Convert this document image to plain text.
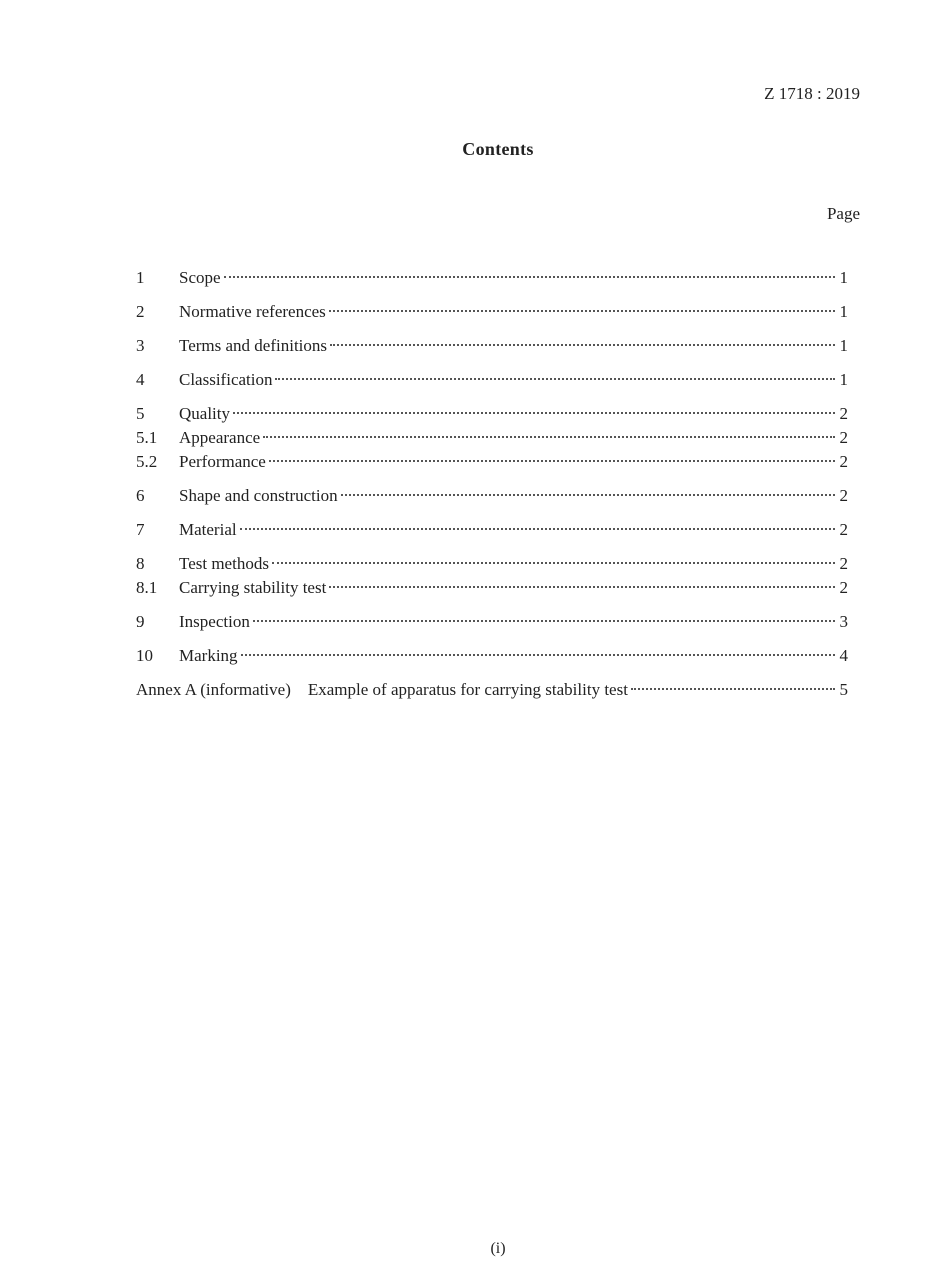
Z 1718 : 2019
Contents
Page
1	Scope	1
2	Normative references	1
3	Terms and definitions	1
4	Classification	1
5	Quality	2
5.1	Appearance	2
5.2	Performance	2
6	Shape and construction	2
7	Material	2
8	Test methods	2
8.1	Carrying stability test	2
9	Inspection	3
10	Marking	4
Annex A (informative)	Example of apparatus for carrying stability test	5
(i)
